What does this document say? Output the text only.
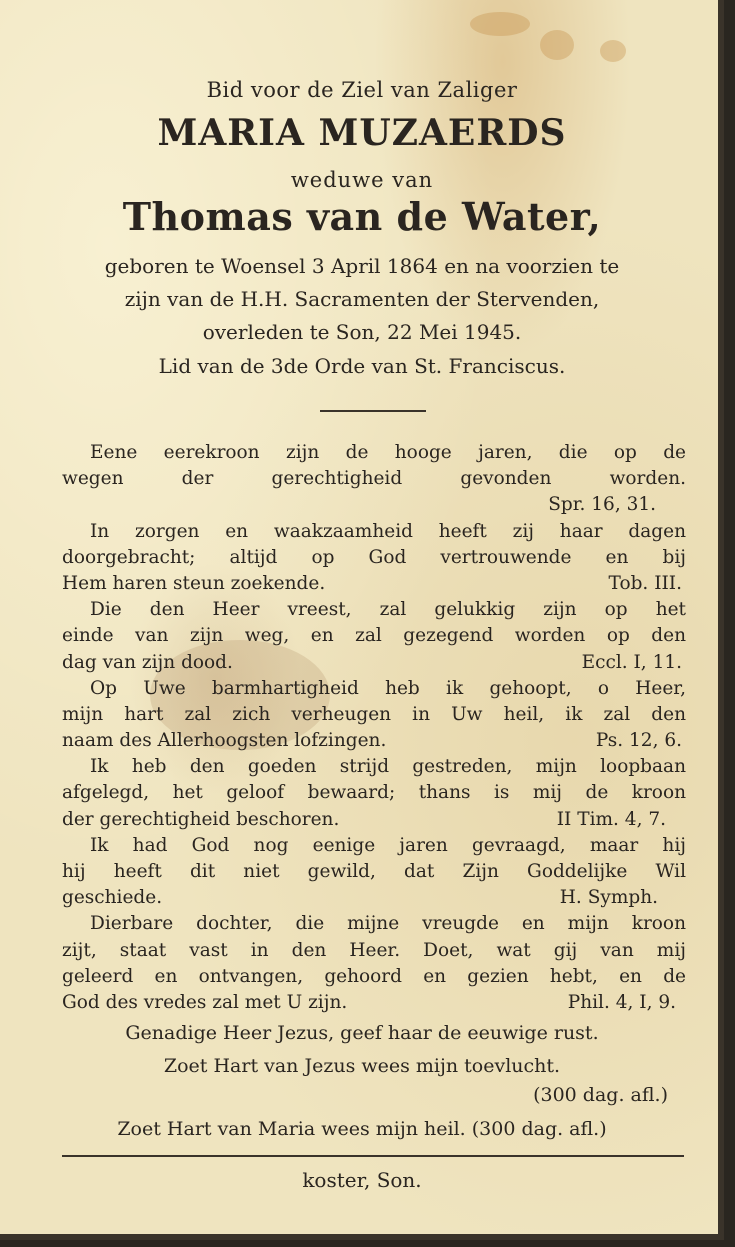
Bid voor de Ziel van Zaliger
MARIA MUZAERDS
weduwe van
Thomas van de Water,
geboren te Woensel 3 April 1864 en na voorzien te
zijn van de H.H. Sacramenten der Stervenden,
overleden te Son, 22 Mei 1945.
Lid van de 3de Orde van St. Franciscus.
Eene eerekroon zijn de hooge jaren, die op de
wegen der gerechtigheid gevonden worden.
Spr. 16, 31.
In zorgen en waakzaamheid heeft zij haar dagen
doorgebracht; altijd op God vertrouwende en bij
Hem haren steun zoekende.	Tob. III.
Die den Heer vreest, zal gelukkig zijn op het
einde van zijn weg, en zal gezegend worden op den
dag van zijn dood.	Eccl. I, 11.
Op Uwe barmhartigheid heb ik gehoopt, o Heer,
mijn hart zal zich verheugen in Uw heil, ik zal den
naam des Allerhoogsten lofzingen.	Ps. 12, 6.
Ik heb den goeden strijd gestreden, mijn loopbaan
afgelegd, het geloof bewaard; thans is mij de kroon
der gerechtigheid beschoren.	II Tim. 4, 7.
Ik had God nog eenige jaren gevraagd, maar hij
hij heeft dit niet gewild, dat Zijn Goddelijke Wil
geschiede.	H. Symph.
Dierbare dochter, die mijne vreugde en mijn kroon
zijt, staat vast in den Heer. Doet, wat gij van mij
geleerd en ontvangen, gehoord en gezien hebt, en de
God des vredes zal met U zijn.	Phil. 4, I, 9.
Genadige Heer Jezus, geef haar de eeuwige rust.
Zoet Hart van Jezus wees mijn toevlucht.
(300 dag. afl.)
Zoet Hart van Maria wees mijn heil. (300 dag. afl.)
koster, Son.
